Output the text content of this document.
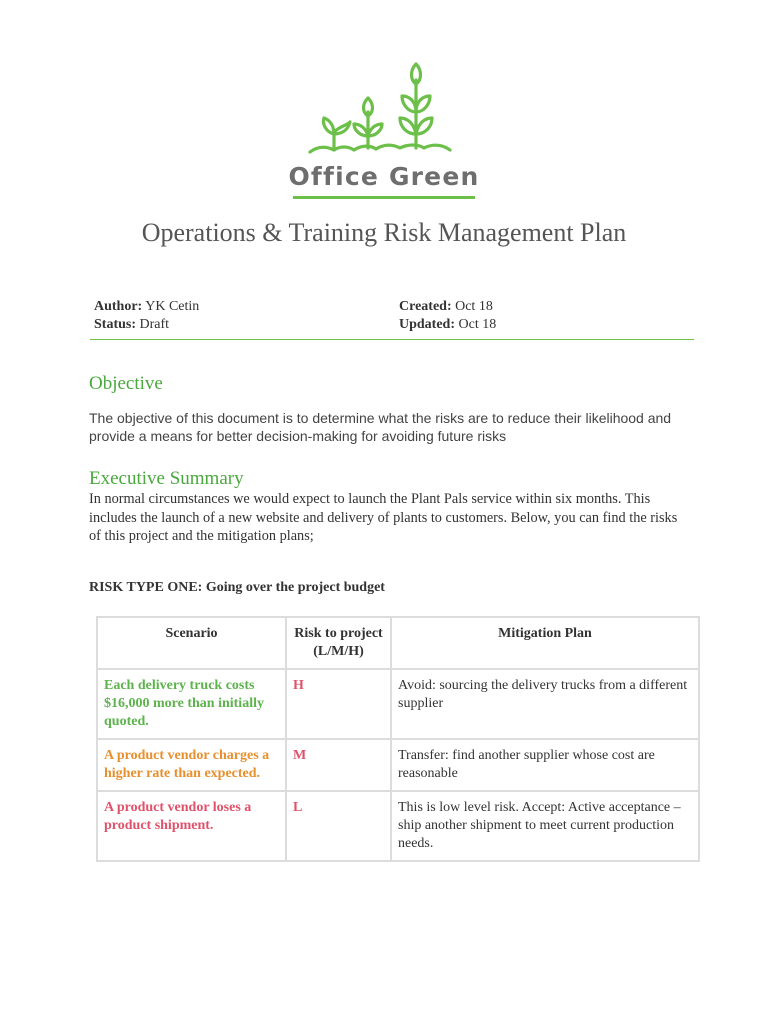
Office Green
Operations & Training Risk Management Plan
Author: YK Cetin
Status: Draft
Created: Oct 18
Updated: Oct 18
Objective
The objective of this document is to determine what the risks are to reduce their likelihood and provide a means for better decision-making for avoiding future risks
Executive Summary
In normal circumstances we would expect to launch the Plant Pals service within six months. This includes the launch of a new website and delivery of plants to customers. Below, you can find the risks of this project and the mitigation plans;
RISK TYPE ONE: Going over the project budget
Scenario	Risk to project (L/M/H)	Mitigation Plan
Each delivery truck costs $16,000 more than initially quoted.	H	Avoid: sourcing the delivery trucks from a different supplier
A product vendor charges a higher rate than expected.	M	Transfer: find another supplier whose cost are reasonable
A product vendor loses a product shipment.	L	This is low level risk. Accept: Active acceptance – ship another shipment to meet current production needs.
